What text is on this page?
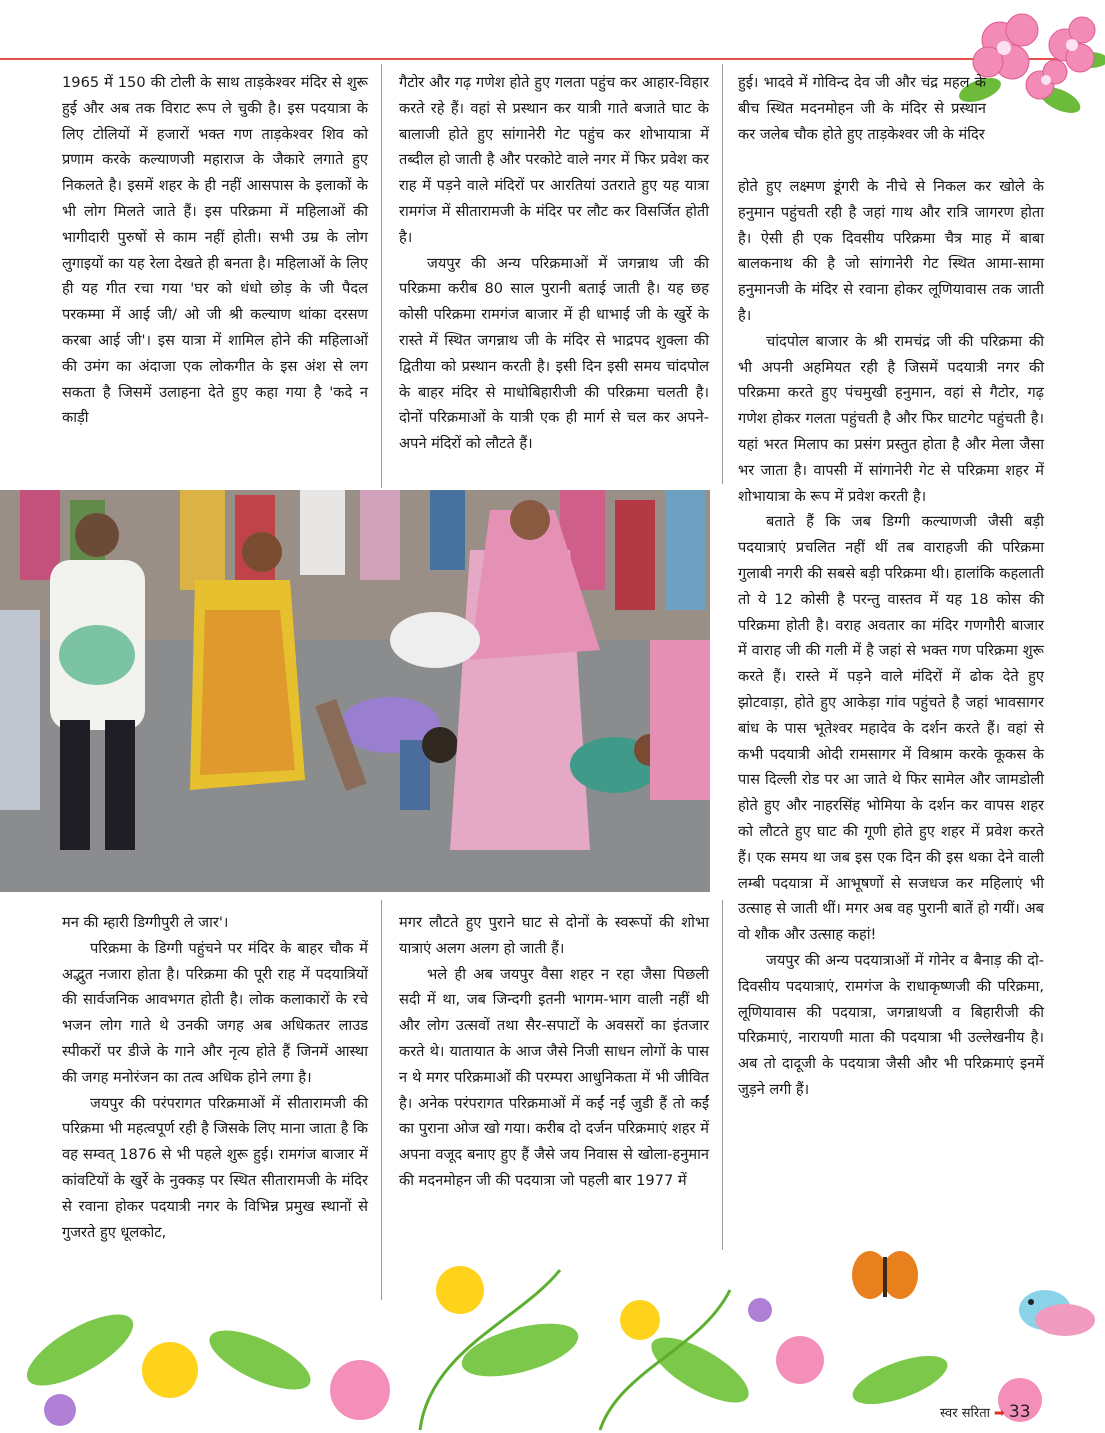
1965 में 150 की टोली के साथ ताड़केश्वर मंदिर से शुरू हुई और अब तक विराट रूप ले चुकी है। इस पदयात्रा के लिए टोलियों में हजारों भक्त गण ताड़केश्वर शिव को प्रणाम करके कल्याणजी महाराज के जैकारे लगाते हुए निकलते है। इसमें शहर के ही नहीं आसपास के इलाकों के भी लोग मिलते जाते हैं। इस परिक्रमा में महिलाओं की भागीदारी पुरुषों से काम नहीं होती। सभी उम्र के लोग लुगाइयों का यह रेला देखते ही बनता है। महिलाओं के लिए ही यह गीत रचा गया 'घर को धंधो छोड़ के जी पैदल परकम्मा में आई जी/ ओ जी श्री कल्याण थांका दरसण करबा आई जी'। इस यात्रा में शामिल होने की महिलाओं की उमंग का अंदाजा एक लोकगीत के इस अंश से लग सकता है जिसमें उलाहना देते हुए कहा गया है 'कदे न काड़ी

गैटोर और गढ़ गणेश होते हुए गलता पहुंच कर आहार-विहार करते रहे हैं। वहां से प्रस्थान कर यात्री गाते बजाते घाट के बालाजी होते हुए सांगानेरी गेट पहुंच कर शोभायात्रा में तब्दील हो जाती है और परकोटे वाले नगर में फिर प्रवेश कर राह में पड़ने वाले मंदिरों पर आरतियां उतराते हुए यह यात्रा रामगंज में सीतारामजी के मंदिर पर लौट कर विसर्जित होती है।

जयपुर की अन्य परिक्रमाओं में जगन्नाथ जी की परिक्रमा करीब 80 साल पुरानी बताई जाती है। यह छह कोसी परिक्रमा रामगंज बाजार में ही धाभाई जी के खुर्रे के रास्ते में स्थित जगन्नाथ जी के मंदिर से भाद्रपद शुक्ला की द्वितीया को प्रस्थान करती है। इसी दिन इसी समय चांदपोल के बाहर मंदिर से माधोबिहारीजी की परिक्रमा चलती है। दोनों परिक्रमाओं के यात्री एक ही मार्ग से चल कर अपने-अपने मंदिरों को लौटते हैं।

हुई। भादवे में गोविन्द देव जी और चंद्र महल के बीच स्थित मदनमोहन जी के मंदिर से प्रस्थान कर जलेब चौक होते हुए ताड़केश्वर जी के मंदिर

होते हुए लक्ष्मण डूंगरी के नीचे से निकल कर खोले के हनुमान पहुंचती रही है जहां गाथ और रात्रि जागरण होता है। ऐसी ही एक दिवसीय परिक्रमा चैत्र माह में बाबा बालकनाथ की है जो सांगानेरी गेट स्थित आमा-सामा हनुमानजी के मंदिर से रवाना होकर लूणियावास तक जाती है।

चांदपोल बाजार के श्री रामचंद्र जी की परिक्रमा की भी अपनी अहमियत रही है जिसमें पदयात्री नगर की परिक्रमा करते हुए पंचमुखी हनुमान, वहां से गैटोर, गढ़ गणेश होकर गलता पहुंचती है और फिर घाटगेट पहुंचती है। यहां भरत मिलाप का प्रसंग प्रस्तुत होता है और मेला जैसा भर जाता है। वापसी में सांगानेरी गेट से परिक्रमा शहर में शोभायात्रा के रूप में प्रवेश करती है।

बताते हैं कि जब डिग्गी कल्याणजी जैसी बड़ी पदयात्राएं प्रचलित नहीं थीं तब वाराहजी की परिक्रमा गुलाबी नगरी की सबसे बड़ी परिक्रमा थी। हालांकि कहलाती तो ये 12 कोसी है परन्तु वास्तव में यह 18 कोस की परिक्रमा होती है। वराह अवतार का मंदिर गणगौरी बाजार में वाराह जी की गली में है जहां से भक्त गण परिक्रमा शुरू करते हैं। रास्ते में पड़ने वाले मंदिरों में ढोक देते हुए झोटवाड़ा, होते हुए आकेड़ा गांव पहुंचते है जहां भावसागर बांध के पास भूतेश्वर महादेव के दर्शन करते हैं। वहां से कभी पदयात्री ओदी रामसागर में विश्राम करके कूकस के पास दिल्ली रोड पर आ जाते थे फिर सामेल और जामडोली होते हुए और नाहरसिंह भोमिया के दर्शन कर वापस शहर को लौटते हुए घाट की गूणी होते हुए शहर में प्रवेश करते हैं। एक समय था जब इस एक दिन की इस थका देने वाली लम्बी पदयात्रा में आभूषणों से सजधज कर महिलाएं भी उत्साह से जाती थीं। मगर अब वह पुरानी बातें हो गयीं। अब वो शौक और उत्साह कहां!

जयपुर की अन्य पदयात्राओं में गोनेर व बैनाड़ की दो-दिवसीय पदयात्राएं, रामगंज के राधाकृष्णजी की परिक्रमा, लूणियावास की पदयात्रा, जगन्नाथजी व बिहारीजी की परिक्रमाएं, नारायणी माता की पदयात्रा भी उल्लेखनीय है। अब तो दादूजी के पदयात्रा जैसी और भी परिक्रमाएं इनमें जुड़ने लगी हैं।

मन की म्हारी डिग्गीपुरी ले जार'।

परिक्रमा के डिग्गी पहुंचने पर मंदिर के बाहर चौक में अद्भुत नजारा होता है। परिक्रमा की पूरी राह में पदयात्रियों की सार्वजनिक आवभगत होती है। लोक कलाकारों के रचे भजन लोग गाते थे उनकी जगह अब अधिकतर लाउड स्पीकरों पर डीजे के गाने और नृत्य होते हैं जिनमें आस्था की जगह मनोरंजन का तत्व अधिक होने लगा है।

जयपुर की परंपरागत परिक्रमाओं में सीतारामजी की परिक्रमा भी महत्वपूर्ण रही है जिसके लिए माना जाता है कि वह सम्वत् 1876 से भी पहले शुरू हुई। रामगंज बाजार में कांवटियों के खुर्रे के नुक्कड़ पर स्थित सीतारामजी के मंदिर से रवाना होकर पदयात्री नगर के विभिन्न प्रमुख स्थानों से गुजरते हुए धूलकोट,

मगर लौटते हुए पुराने घाट से दोनों के स्वरूपों की शोभा यात्राएं अलग अलग हो जाती हैं।

भले ही अब जयपुर वैसा शहर न रहा जैसा पिछली सदी में था, जब जिन्दगी इतनी भागम-भाग वाली नहीं थी और लोग उत्सवों तथा सैर-सपाटों के अवसरों का इंतजार करते थे। यातायात के आज जैसे निजी साधन लोगों के पास न थे मगर परिक्रमाओं की परम्परा आधुनिकता में भी जीवित है। अनेक परंपरागत परिक्रमाओं में कईं नईं जुडी हैं तो कईं का पुराना ओज खो गया। करीब दो दर्जन परिक्रमाएं शहर में अपना वजूद बनाए हुए हैं जैसे जय निवास से खोला-हनुमान की मदनमोहन जी की पदयात्रा जो पहली बार 1977 में

स्वर सरिता ➡ 33
